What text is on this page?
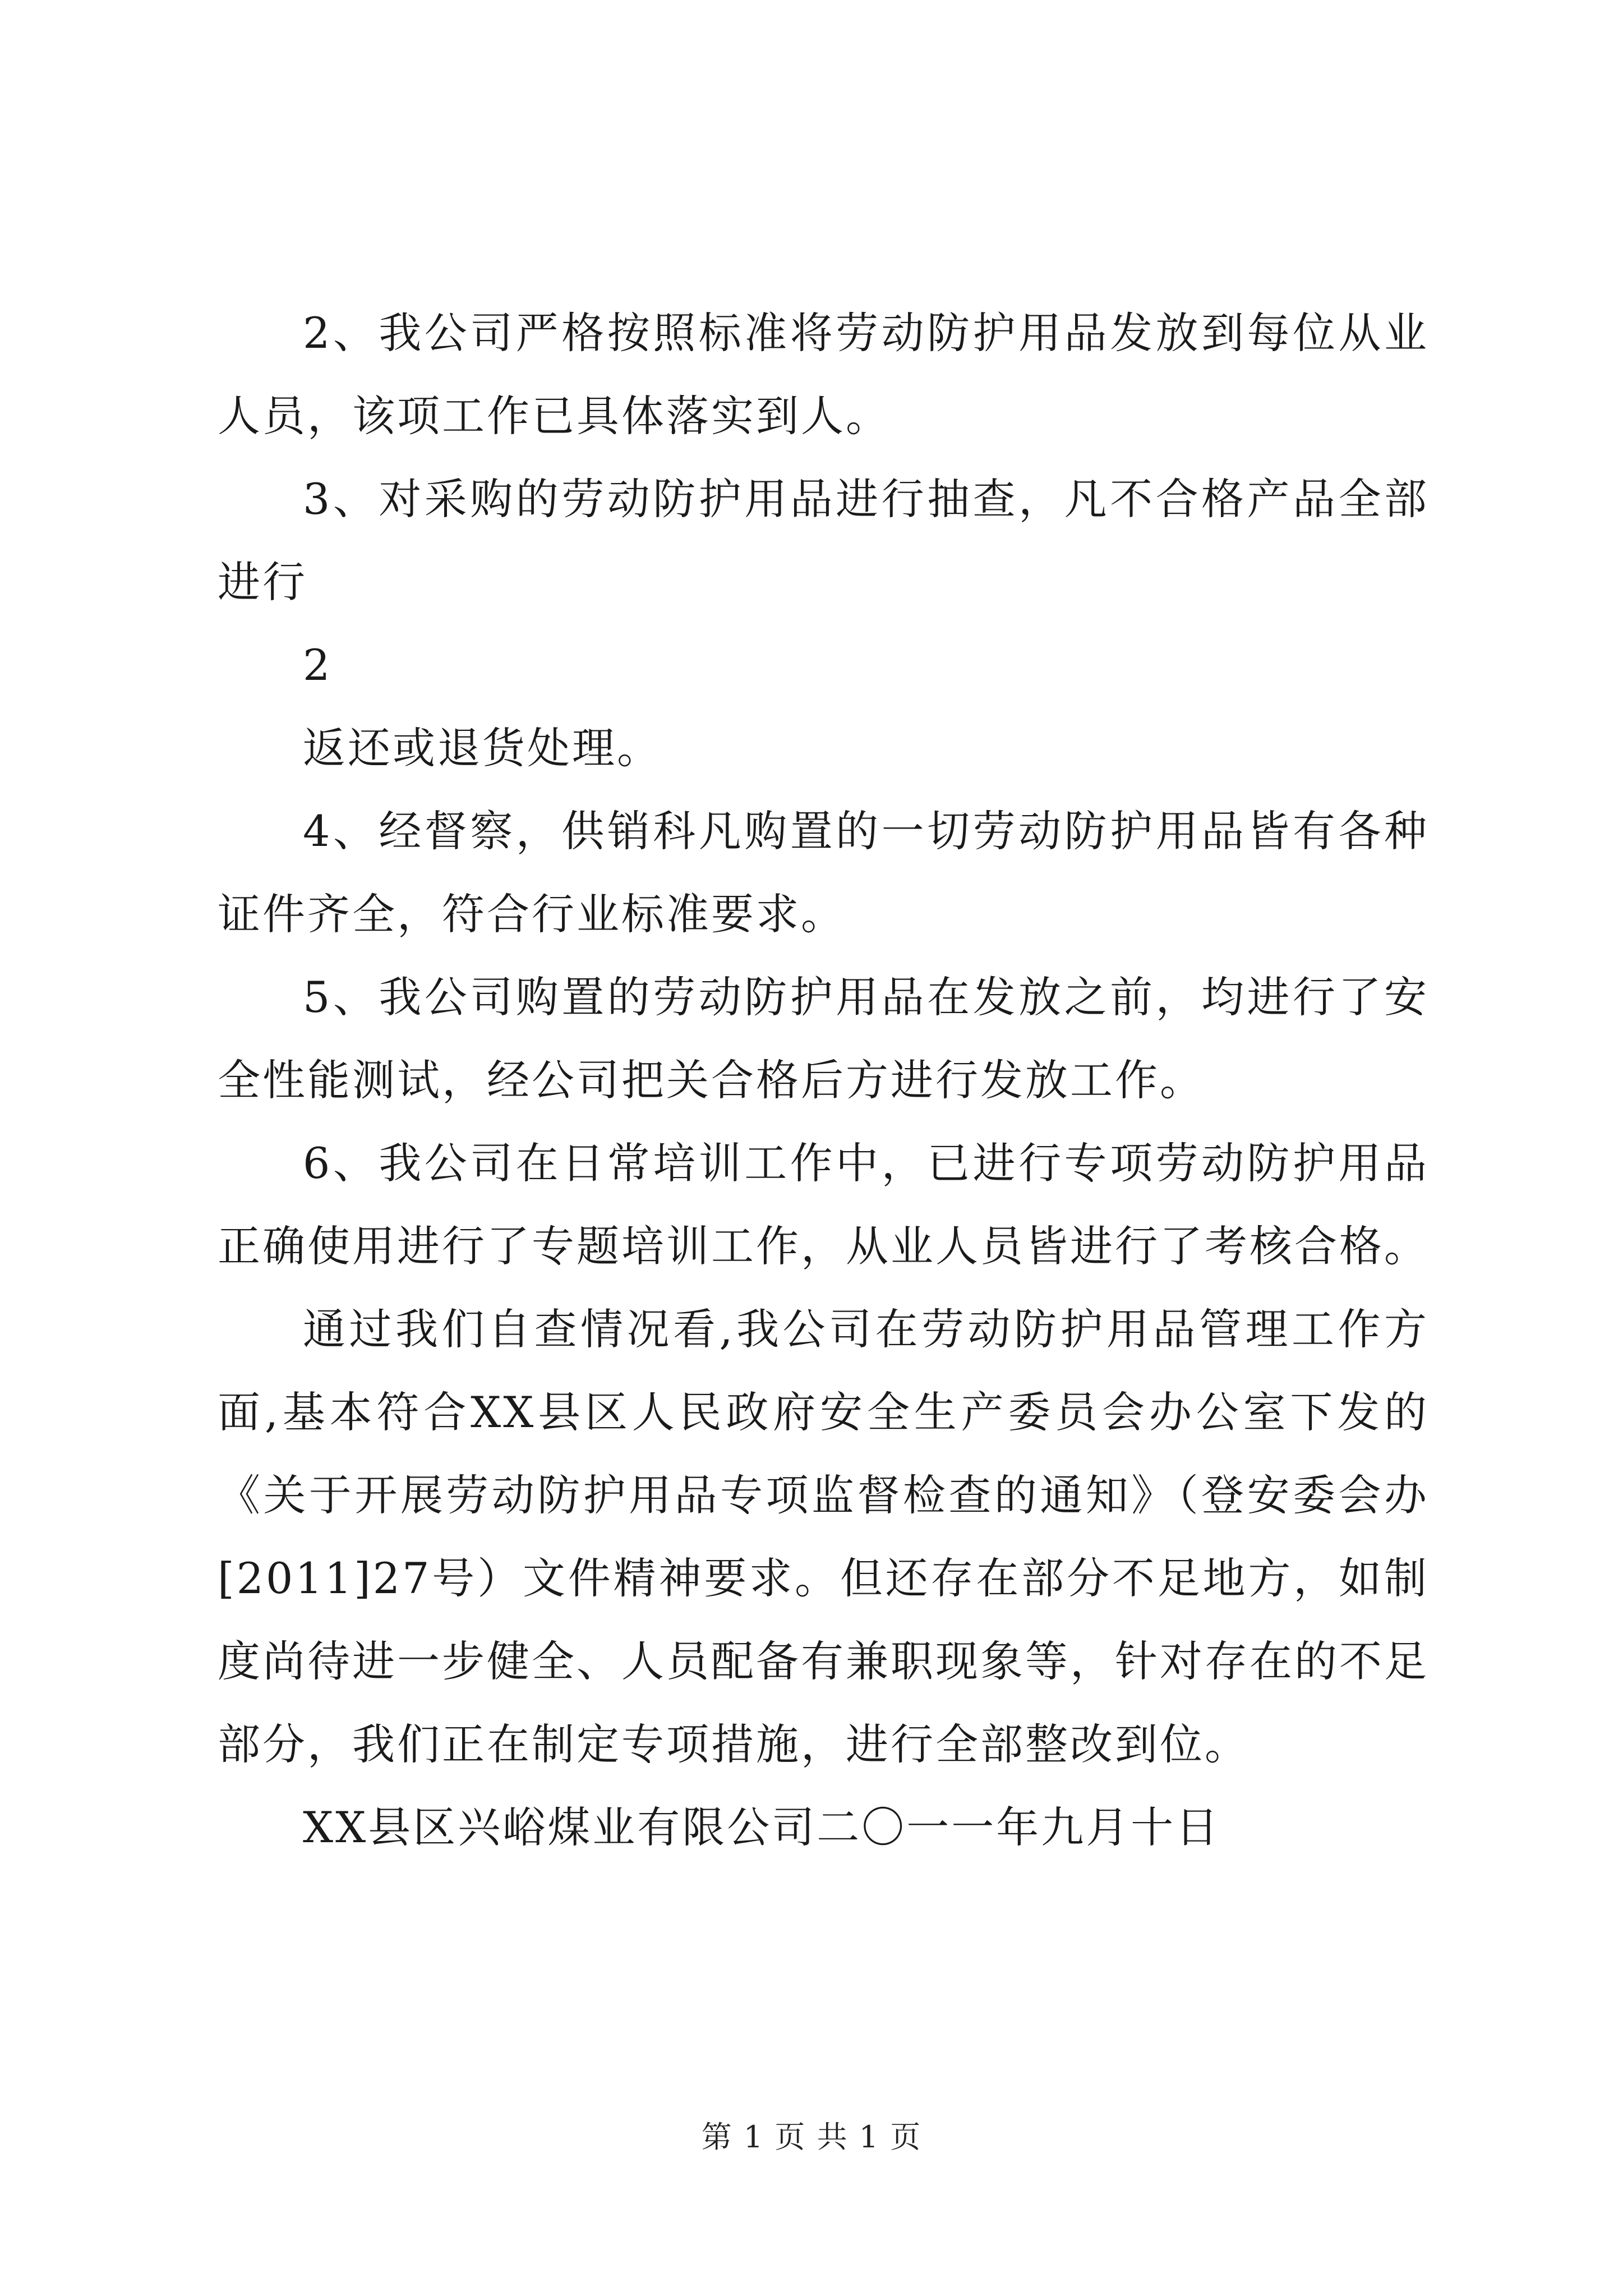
2、我公司严格按照标准将劳动防护用品发放到每位从业人员，该项工作已具体落实到人。

3、对采购的劳动防护用品进行抽查，凡不合格产品全部进行

2

返还或退货处理。

4、经督察，供销科凡购置的一切劳动防护用品皆有各种证件齐全，符合行业标准要求。

5、我公司购置的劳动防护用品在发放之前，均进行了安全性能测试，经公司把关合格后方进行发放工作。

6、我公司在日常培训工作中，已进行专项劳动防护用品正确使用进行了专题培训工作，从业人员皆进行了考核合格。

通过我们自查情况看,我公司在劳动防护用品管理工作方面,基本符合XX县区人民政府安全生产委员会办公室下发的《关于开展劳动防护用品专项监督检查的通知》（登安委会办[2011]27号）文件精神要求。但还存在部分不足地方，如制度尚待进一步健全、人员配备有兼职现象等，针对存在的不足部分，我们正在制定专项措施，进行全部整改到位。

XX县区兴峪煤业有限公司二〇一一年九月十日

第 1 页 共 1 页
